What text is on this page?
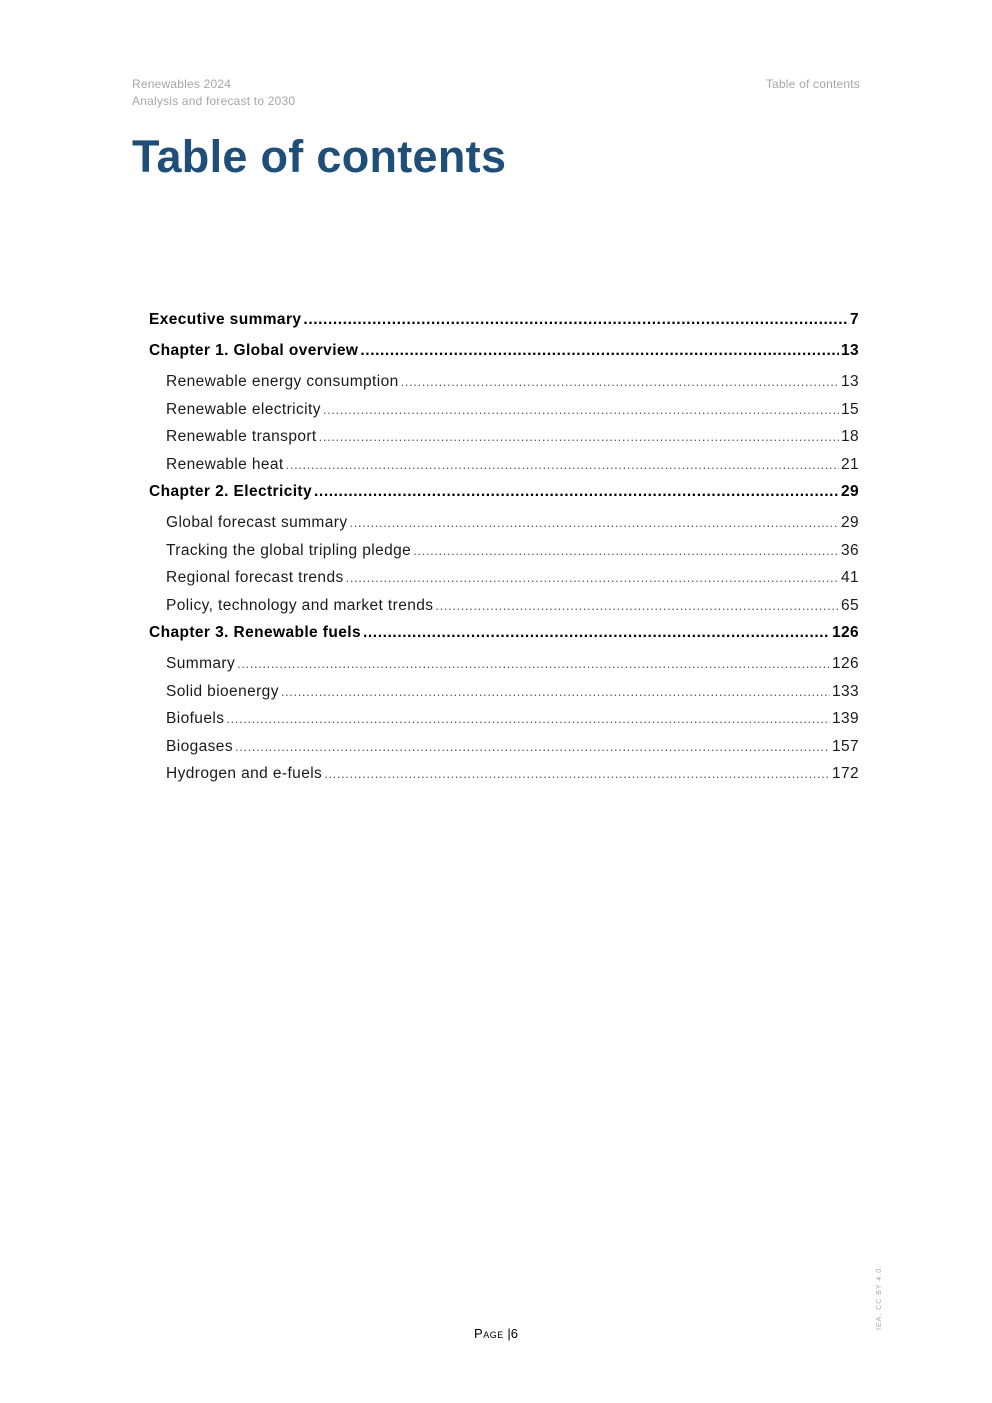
Renewables 2024
Analysis and forecast to 2030
Table of contents
Table of contents
Executive summary .....	7
Chapter 1. Global overview .....	13
Renewable energy consumption .....	13
Renewable electricity .....	15
Renewable transport .....	18
Renewable heat .....	21
Chapter 2. Electricity .....	29
Global forecast summary .....	29
Tracking the global tripling pledge .....	36
Regional forecast trends .....	41
Policy, technology and market trends .....	65
Chapter 3. Renewable fuels .....	126
Summary .....	126
Solid bioenergy .....	133
Biofuels .....	139
Biogases .....	157
Hydrogen and e-fuels .....	172
Page |6
IEA. CC BY 4.0.
